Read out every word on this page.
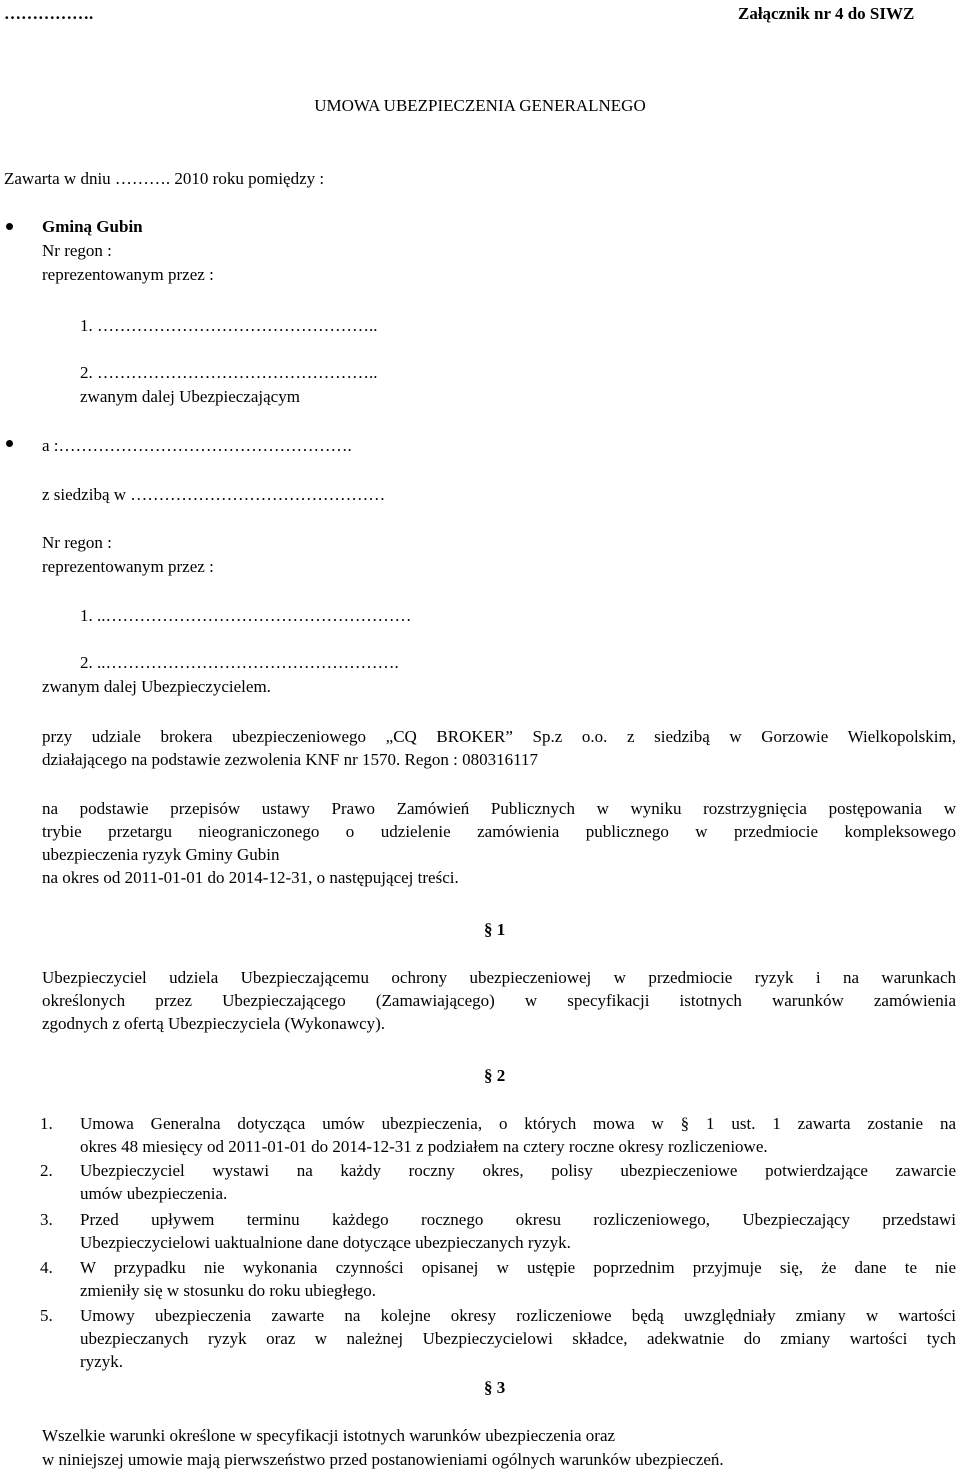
…………….	Załącznik nr 4 do SIWZ
UMOWA UBEZPIECZENIA GENERALNEGO
Zawarta w dniu ………. 2010 roku pomiędzy :
Gminą Gubin
Nr regon :
reprezentowanym przez :
1. …………………………………………..
2. …………………………………………..
zwanym dalej Ubezpieczającym
a :…………………………………………….
z siedzibą w ………………………………………
Nr regon :
reprezentowanym przez :
1. ..………………………………………………
2. ..…………………………………………….
zwanym dalej Ubezpieczycielem.
przy udziale brokera ubezpieczeniowego „CQ BROKER” Sp.z o.o. z siedzibą w Gorzowie Wielkopolskim,
działającego na podstawie zezwolenia KNF nr 1570. Regon : 080316117
na podstawie przepisów ustawy Prawo Zamówień Publicznych w wyniku rozstrzygnięcia postępowania w
trybie przetargu nieograniczonego o udzielenie zamówienia publicznego w przedmiocie kompleksowego
ubezpieczenia ryzyk Gminy Gubin
na okres od 2011-01-01 do 2014-12-31, o następującej treści.
§ 1
Ubezpieczyciel udziela Ubezpieczającemu ochrony ubezpieczeniowej w przedmiocie ryzyk i na warunkach
określonych przez Ubezpieczającego (Zamawiającego) w specyfikacji istotnych warunków zamówienia
zgodnych z ofertą Ubezpieczyciela (Wykonawcy).
§ 2
1. Umowa Generalna dotycząca umów ubezpieczenia, o których mowa w § 1 ust. 1 zawarta zostanie na
okres 48 miesięcy od 2011-01-01 do 2014-12-31 z podziałem na cztery roczne okresy rozliczeniowe.
2. Ubezpieczyciel wystawi na każdy roczny okres, polisy ubezpieczeniowe potwierdzające zawarcie
umów ubezpieczenia.
3. Przed upływem terminu każdego rocznego okresu rozliczeniowego, Ubezpieczający przedstawi
Ubezpieczycielowi uaktualnione dane dotyczące ubezpieczanych ryzyk.
4. W przypadku nie wykonania czynności opisanej w ustępie poprzednim przyjmuje się, że dane te nie
zmieniły się w stosunku do roku ubiegłego.
5. Umowy ubezpieczenia zawarte na kolejne okresy rozliczeniowe będą uwzględniały zmiany w wartości
ubezpieczanych ryzyk oraz w należnej Ubezpieczycielowi składce, adekwatnie do zmiany wartości tych
ryzyk.
§ 3
Wszelkie warunki określone w specyfikacji istotnych warunków ubezpieczenia oraz
w niniejszej umowie mają pierwszeństwo przed postanowieniami ogólnych warunków ubezpieczeń.
